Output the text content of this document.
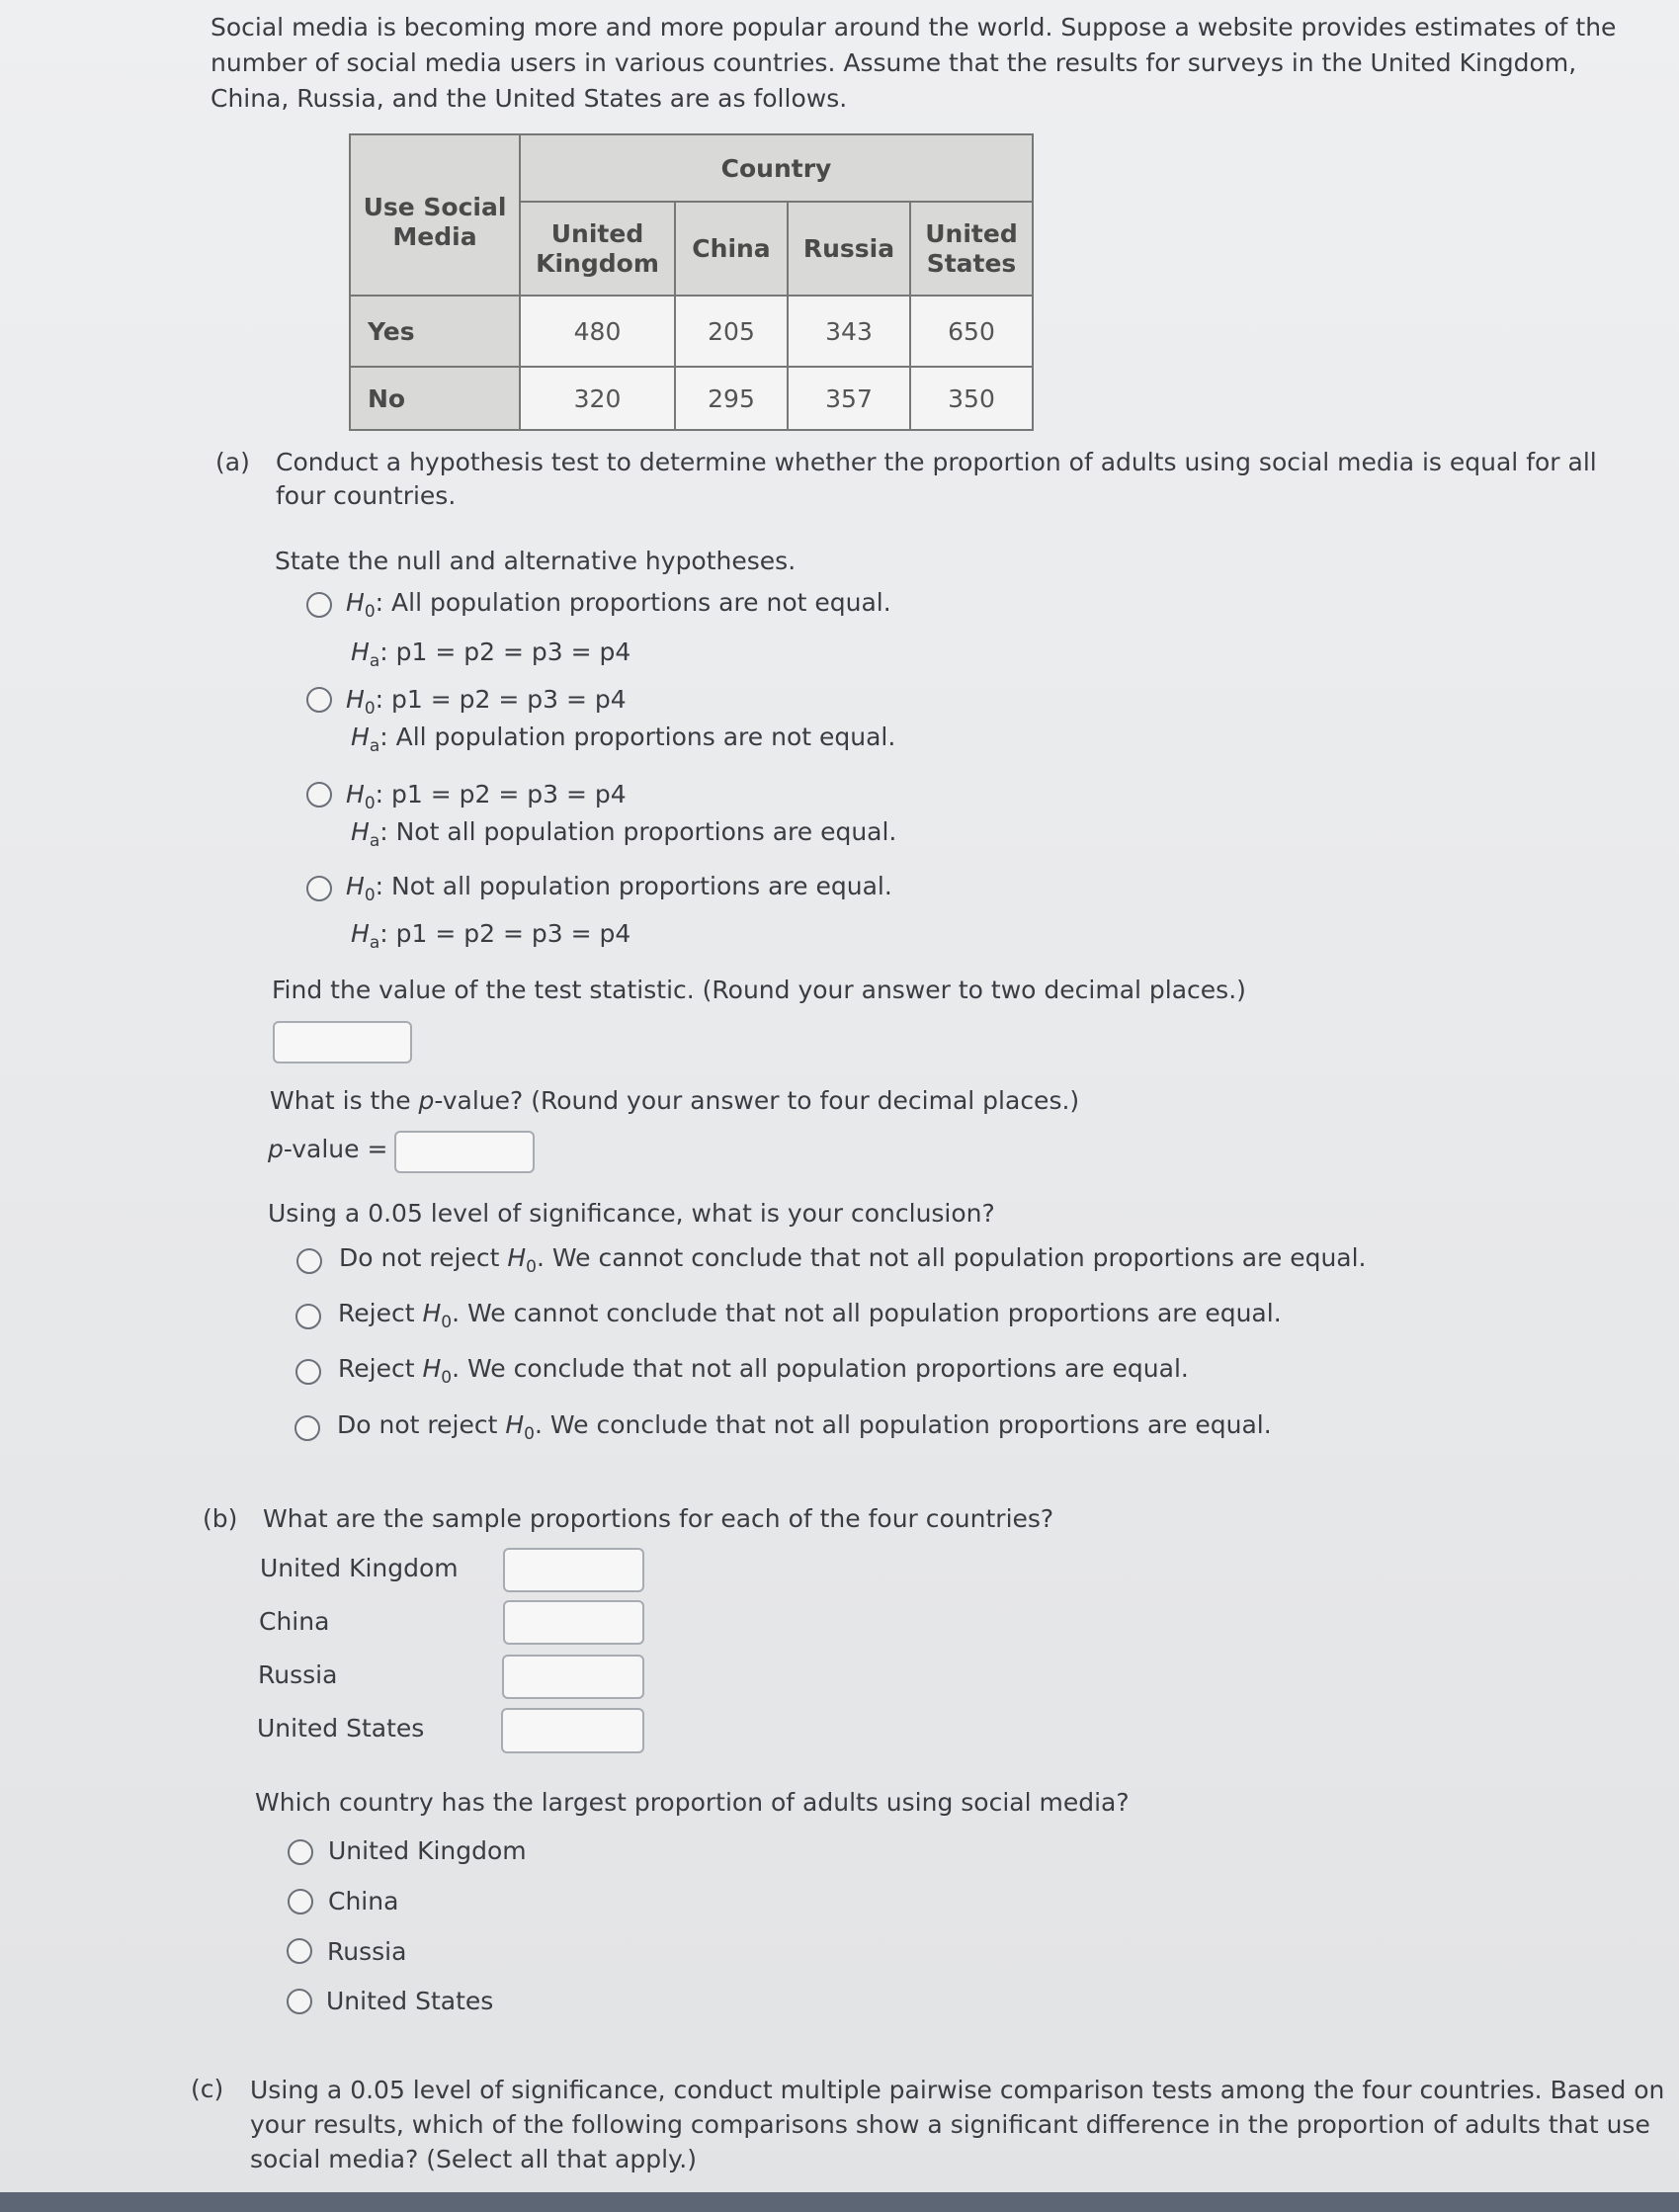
Social media is becoming more and more popular around the world. Suppose a website provides estimates of the number of social media users in various countries. Assume that the results for surveys in the United Kingdom, China, Russia, and the United States are as follows.
Use Social Media	Country			
	United Kingdom	China	Russia	United States
Yes	480	205	343	650
No	320	295	357	350
(a) Conduct a hypothesis test to determine whether the proportion of adults using social media is equal for all four countries.
State the null and alternative hypotheses.
$H_0$: All population proportions are not equal.
$H_a$: p1 = p2 = p3 = p4
$H_0$: p1 = p2 = p3 = p4
$H_a$: All population proportions are not equal.
$H_0$: p1 = p2 = p3 = p4
$H_a$: Not all population proportions are equal.
$H_0$: Not all population proportions are equal.
$H_a$: p1 = p2 = p3 = p4
Find the value of the test statistic. (Round your answer to two decimal places.)
What is the p-value? (Round your answer to four decimal places.)
p-value =
Using a 0.05 level of significance, what is your conclusion?
Do not reject $H_0$. We cannot conclude that not all population proportions are equal.
Reject $H_0$. We cannot conclude that not all population proportions are equal.
Reject $H_0$. We conclude that not all population proportions are equal.
Do not reject $H_0$. We conclude that not all population proportions are equal.
(b) What are the sample proportions for each of the four countries?
United Kingdom
China
Russia
United States
Which country has the largest proportion of adults using social media?
United Kingdom
China
Russia
United States
(c) Using a 0.05 level of significance, conduct multiple pairwise comparison tests among the four countries. Based on your results, which of the following comparisons show a significant difference in the proportion of adults that use social media? (Select all that apply.)
